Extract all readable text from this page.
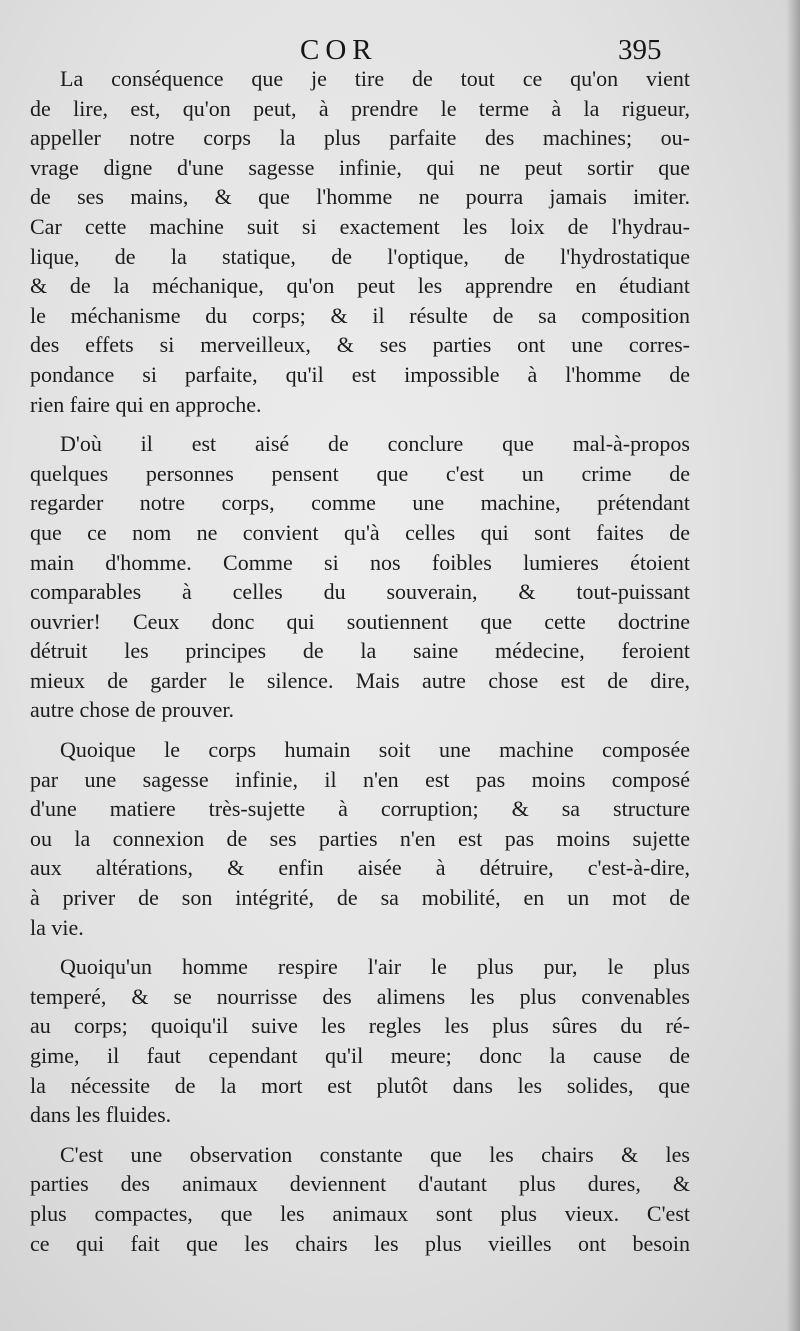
COR	395
La conséquence que je tire de tout ce qu'on vient
de lire, est, qu'on peut, à prendre le terme à la rigueur,
appeller notre corps la plus parfaite des machines; ou-
vrage digne d'une sagesse infinie, qui ne peut sortir que
de ses mains, & que l'homme ne pourra jamais imiter.
Car cette machine suit si exactement les loix de l'hydrau-
lique, de la statique, de l'optique, de l'hydrostatique
& de la méchanique, qu'on peut les apprendre en étudiant
le méchanisme du corps; & il résulte de sa composition
des effets si merveilleux, & ses parties ont une corres-
pondance si parfaite, qu'il est impossible à l'homme de
rien faire qui en approche.
D'où il est aisé de conclure que mal-à-propos
quelques personnes pensent que c'est un crime de
regarder notre corps, comme une machine, prétendant
que ce nom ne convient qu'à celles qui sont faites de
main d'homme. Comme si nos foibles lumieres étoient
comparables à celles du souverain, & tout-puissant
ouvrier! Ceux donc qui soutiennent que cette doctrine
détruit les principes de la saine médecine, feroient
mieux de garder le silence. Mais autre chose est de dire,
autre chose de prouver.
Quoique le corps humain soit une machine composée
par une sagesse infinie, il n'en est pas moins composé
d'une matiere très-sujette à corruption; & sa structure
ou la connexion de ses parties n'en est pas moins sujette
aux altérations, & enfin aisée à détruire, c'est-à-dire,
à priver de son intégrité, de sa mobilité, en un mot de
la vie.
Quoiqu'un homme respire l'air le plus pur, le plus
temperé, & se nourrisse des alimens les plus convenables
au corps; quoiqu'il suive les regles les plus sûres du ré-
gime, il faut cependant qu'il meure; donc la cause de
la nécessite de la mort est plutôt dans les solides, que
dans les fluides.
C'est une observation constante que les chairs & les
parties des animaux deviennent d'autant plus dures, &
plus compactes, que les animaux sont plus vieux. C'est
ce qui fait que les chairs les plus vieilles ont besoin
